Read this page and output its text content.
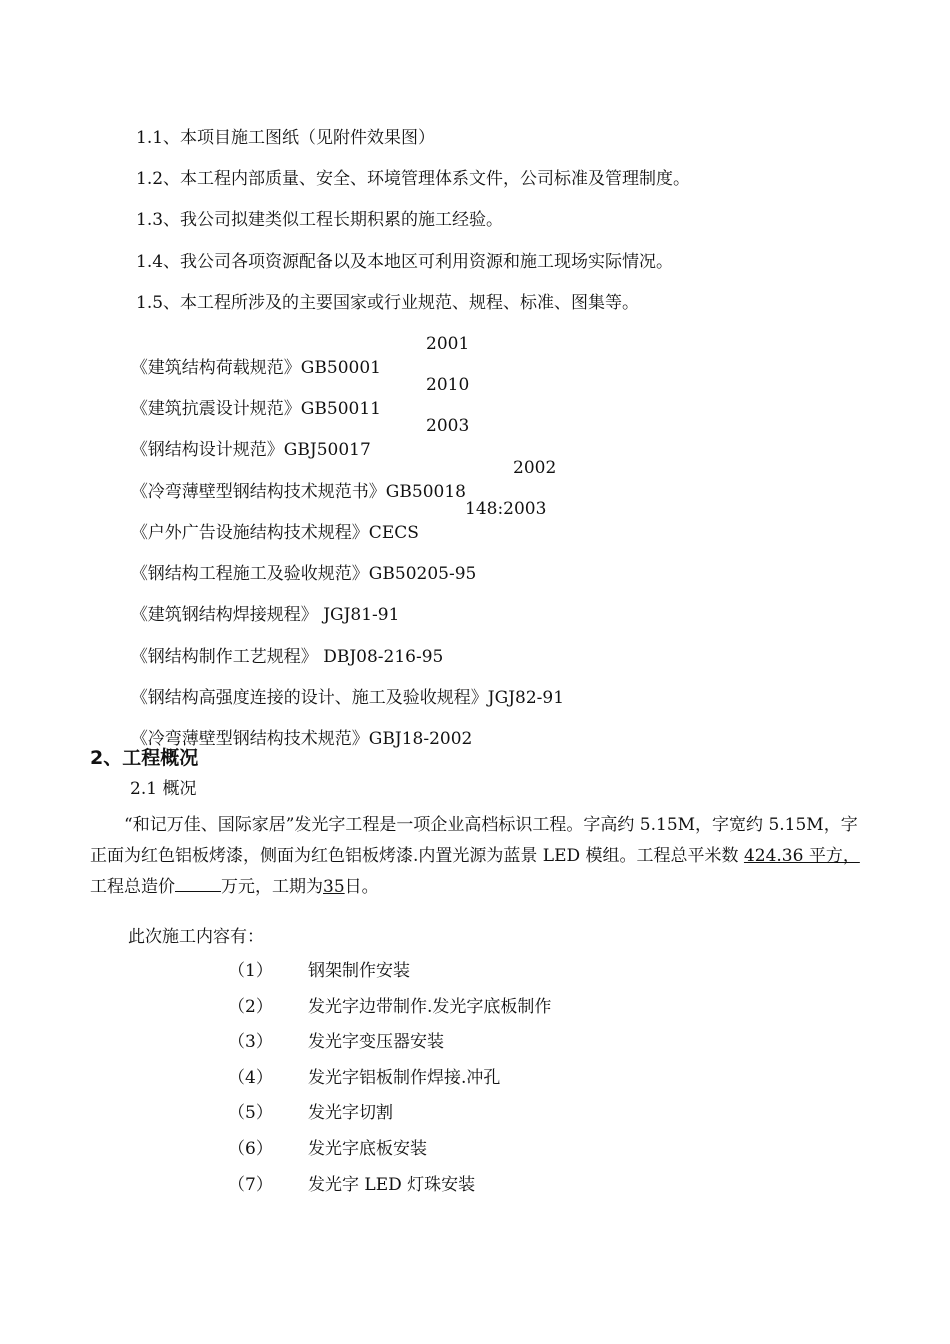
1.1、本项目施工图纸（见附件效果图）
1.2、本工程内部质量、安全、环境管理体系文件，公司标准及管理制度。
1.3、我公司拟建类似工程长期积累的施工经验。
1.4、我公司各项资源配备以及本地区可利用资源和施工现场实际情况。
1.5、本工程所涉及的主要国家或行业规范、规程、标准、图集等。

《建筑结构荷载规范》GB50001
2001

《建筑抗震设计规范》GB50011
2010

《钢结构设计规范》GBJ50017
2003

《冷弯薄壁型钢结构技术规范书》GB50018
2002

《户外广告设施结构技术规程》CECS
148:2003

《钢结构工程施工及验收规范》GB50205-95

《建筑钢结构焊接规程》 JGJ81-91

《钢结构制作工艺规程》 DBJ08-216-95

《钢结构高强度连接的设计、施工及验收规程》JGJ82-91

《冷弯薄壁型钢结构技术规范》GBJ18-2002

2、工程概况
2.1 概况
“和记万佳、国际家居”发光字工程是一项企业高档标识工程。字高约 5.15M，字宽约 5.15M，字正面为红色铝板烤漆，侧面为红色铝板烤漆.内置光源为蓝景 LED 模组。工程总平米数 424.36 平方，工程总造价	万元，工期为35日。
此次施工内容有：

（1）

钢架制作安装

（2）

发光字边带制作.发光字底板制作

（3）

发光字变压器安装

（4）

发光字铝板制作焊接.冲孔

（5）

发光字切割

（6）

发光字底板安装

（7）

发光字 LED 灯珠安装
